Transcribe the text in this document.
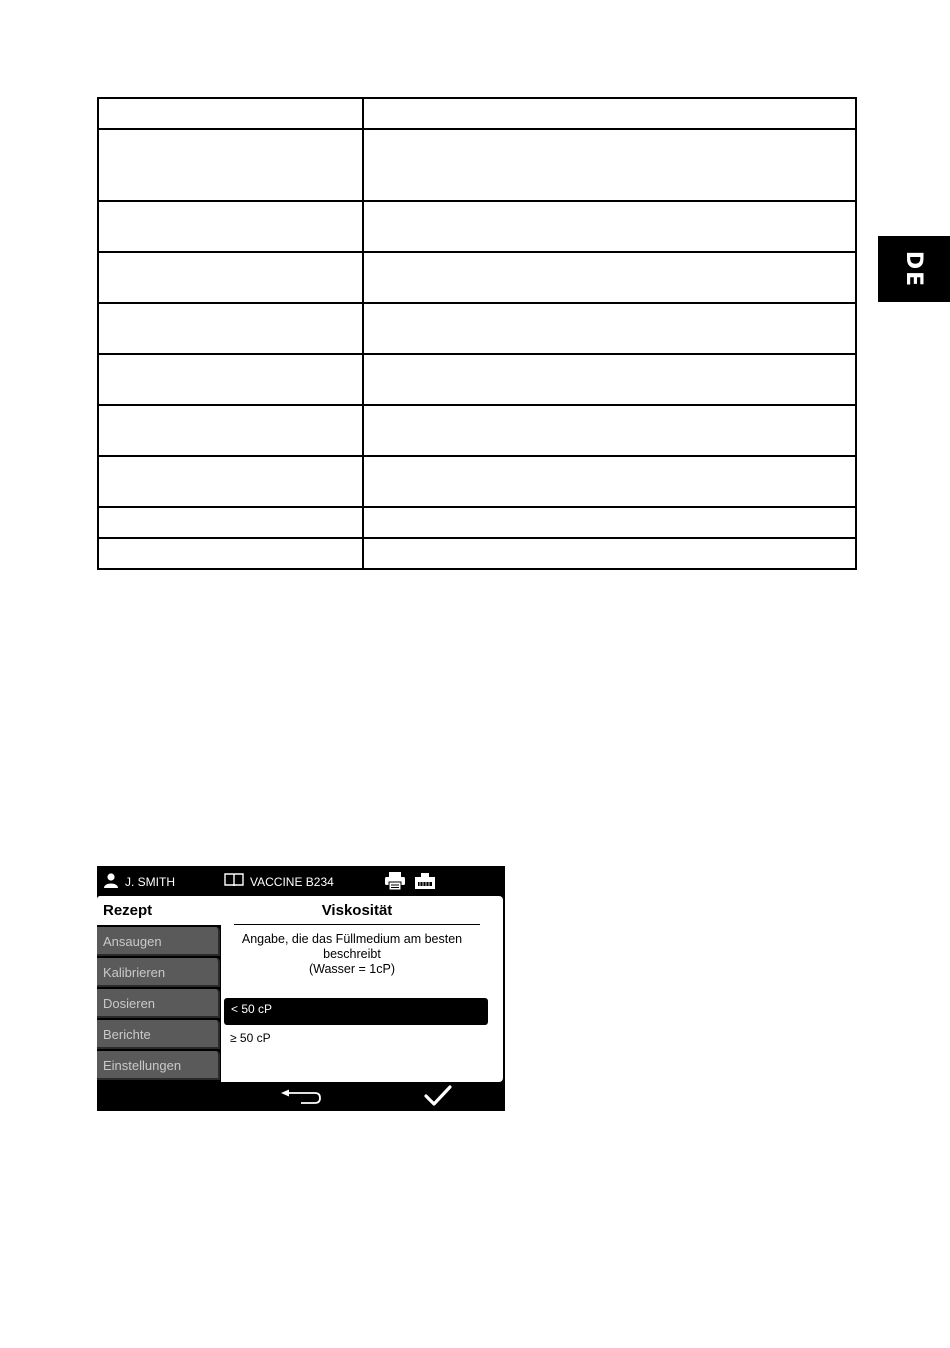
DE
J. SMITH	VACCINE B234
Rezept
Ansaugen
Kalibrieren
Dosieren
Berichte
Einstellungen
Viskosität
Angabe, die das Füllmedium am besten
beschreibt
(Wasser = 1cP)
< 50 cP
≥ 50 cP
